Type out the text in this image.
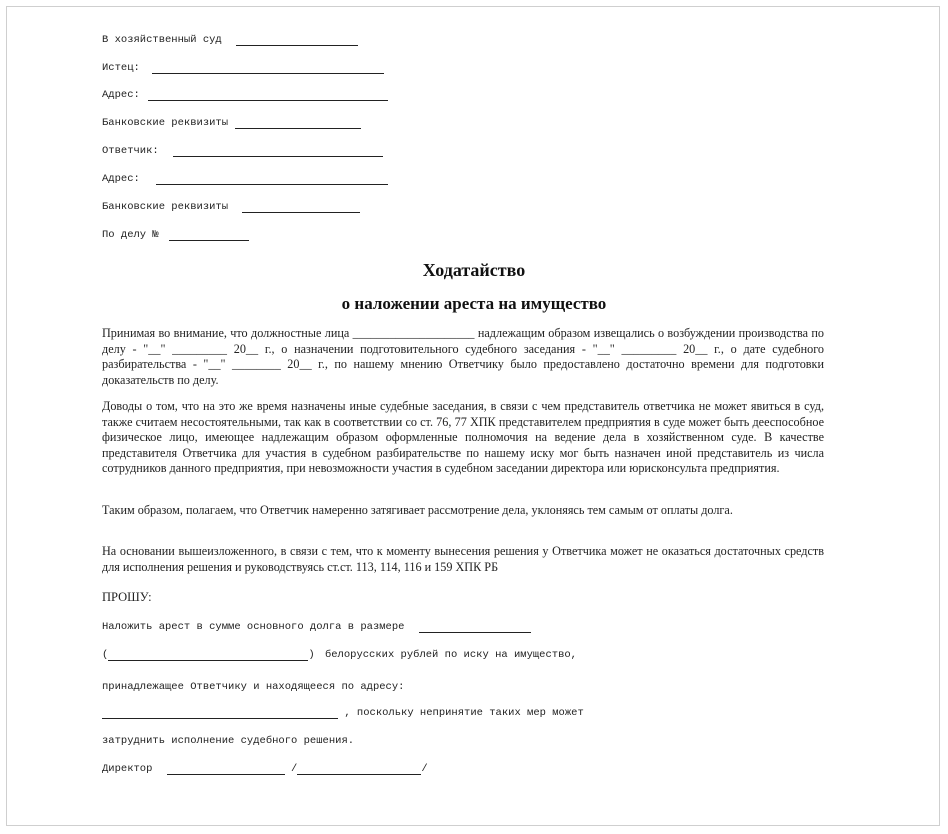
В хозяйственный суд
Истец:
Адрес:
Банковские реквизиты
Ответчик:
Адрес:
Банковские реквизиты
По делу №
Ходатайство
о наложении ареста на имущество

Принимая во внимание, что должностные лица ____________________ надлежащим образом извещались о возбуждении производства по делу - "__" _________ 20__ г., о назначении подготовительного судебного заседания - "__" _________ 20__ г., о дате судебного разбирательства - "__" ________ 20__ г., по нашему мнению Ответчику было предоставлено достаточно времени для подготовки доказательств по делу.

Доводы о том, что на это же время назначены иные судебные заседания, в связи с чем представитель ответчика не может явиться в суд, также считаем несостоятельными, так как в соответствии со ст. 76, 77 ХПК представителем предприятия в суде может быть дееспособное физическое лицо, имеющее надлежащим образом оформленные полномочия на ведение дела в хозяйственном суде. В качестве представителя Ответчика для участия в судебном разбирательстве по нашему иску мог быть назначен иной представитель из числа сотрудников данного предприятия, при невозможности участия в судебном заседании директора или юрисконсульта предприятия.

Таким образом, полагаем, что Ответчик намеренно затягивает рассмотрение дела, уклоняясь тем самым от оплаты долга.

На основании вышеизложенного, в связи с тем, что к моменту вынесения решения у Ответчика может не оказаться достаточных средств для исполнения решения и руководствуясь ст.ст. 113, 114, 116 и 159 ХПК РБ

ПРОШУ:
Наложить арест в сумме основного долга в размере
(	) белорусских рублей по иску на имущество,
принадлежащее Ответчику и находящееся по адресу:
, поскольку непринятие таких мер может
затруднить исполнение судебного решения.
Директор	/	/
